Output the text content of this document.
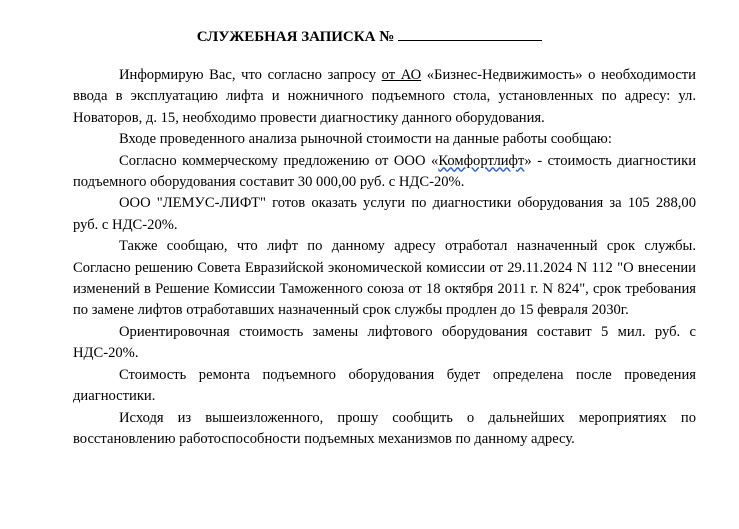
СЛУЖЕБНАЯ ЗАПИСКА №

Информирую Вас, что согласно запросу от АО «Бизнес-Недвижимость» о необходимости ввода в эксплуатацию лифта и ножничного подъемного стола, установленных по адресу: ул. Новаторов, д. 15, необходимо провести диагностику данного оборудования.

Входе проведенного анализа рыночной стоимости на данные работы сообщаю:

Согласно коммерческому предложению от ООО «Комфортлифт» - стоимость диагностики подъемного оборудования составит 30 000,00 руб. с НДС-20%.

ООО "ЛЕМУС-ЛИФТ" готов оказать услуги по диагностики оборудования за 105 288,00 руб. с НДС-20%.

Также сообщаю, что лифт по данному адресу отработал назначенный срок службы. Согласно решению Совета Евразийской экономической комиссии от 29.11.2024 N 112 "О внесении изменений в Решение Комиссии Таможенного союза от 18 октября 2011 г. N 824", срок требования по замене лифтов отработавших назначенный срок службы продлен до 15 февраля 2030г.

Ориентировочная стоимость замены лифтового оборудования составит 5 мил. руб. с НДС-20%.

Стоимость ремонта подъемного оборудования будет определена после проведения диагностики.

Исходя из вышеизложенного, прошу сообщить о дальнейших мероприятиях по восстановлению работоспособности подъемных механизмов по данному адресу.
